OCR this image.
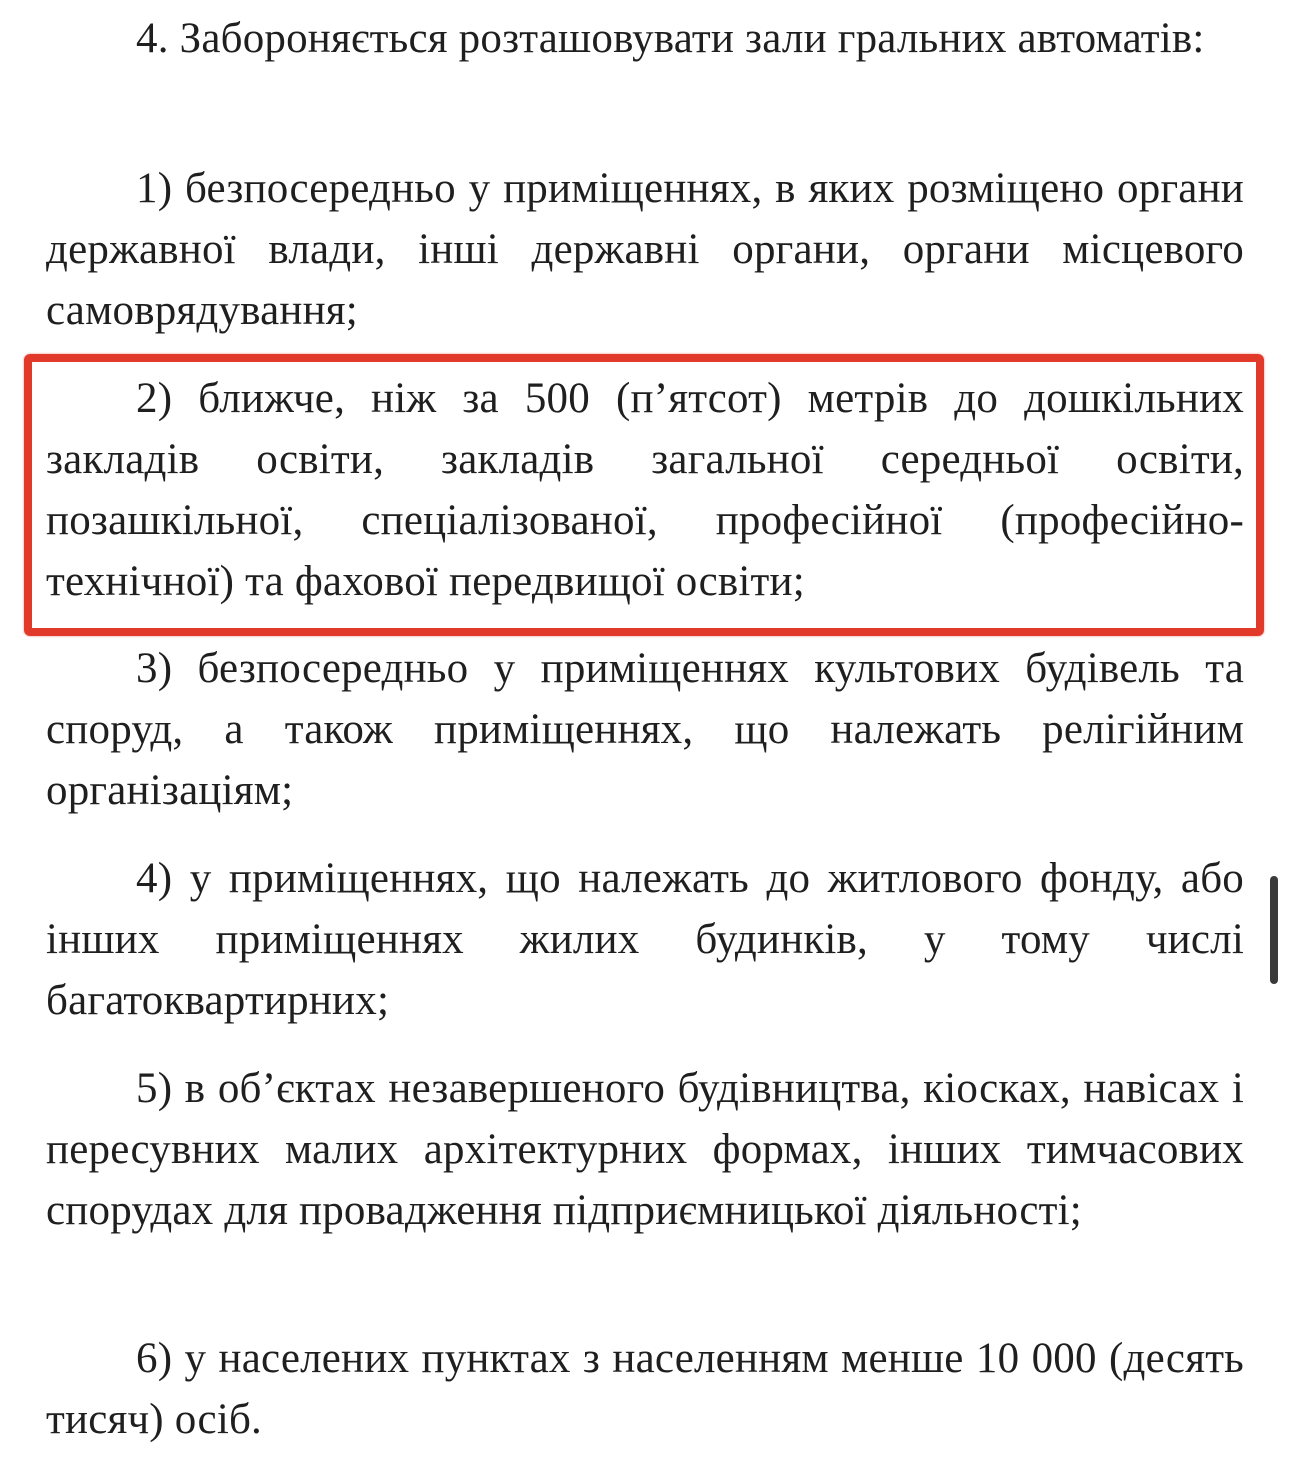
4. Забороняється розташовувати зали гральних автоматів:

1) безпосередньо у приміщеннях, в яких розміщено органи державної влади, інші державні органи, органи місцевого самоврядування;

2) ближче, ніж за 500 (п’ятсот) метрів до дошкільних закладів освіти, закладів загальної середньої освіти, позашкільної, спеціалізованої, професійної (професійно-технічної) та фахової передвищої освіти;

3) безпосередньо у приміщеннях культових будівель та споруд, а також приміщеннях, що належать релігійним організаціям;

4) у приміщеннях, що належать до житлового фонду, або інших приміщеннях жилих будинків, у тому числі багатоквартирних;

5) в об’єктах незавершеного будівництва, кіосках, навісах і пересувних малих архітектурних формах, інших тимчасових спорудах для провадження підприємницької діяльності;

6) у населених пунктах з населенням менше 10 000 (десять тисяч) осіб.
